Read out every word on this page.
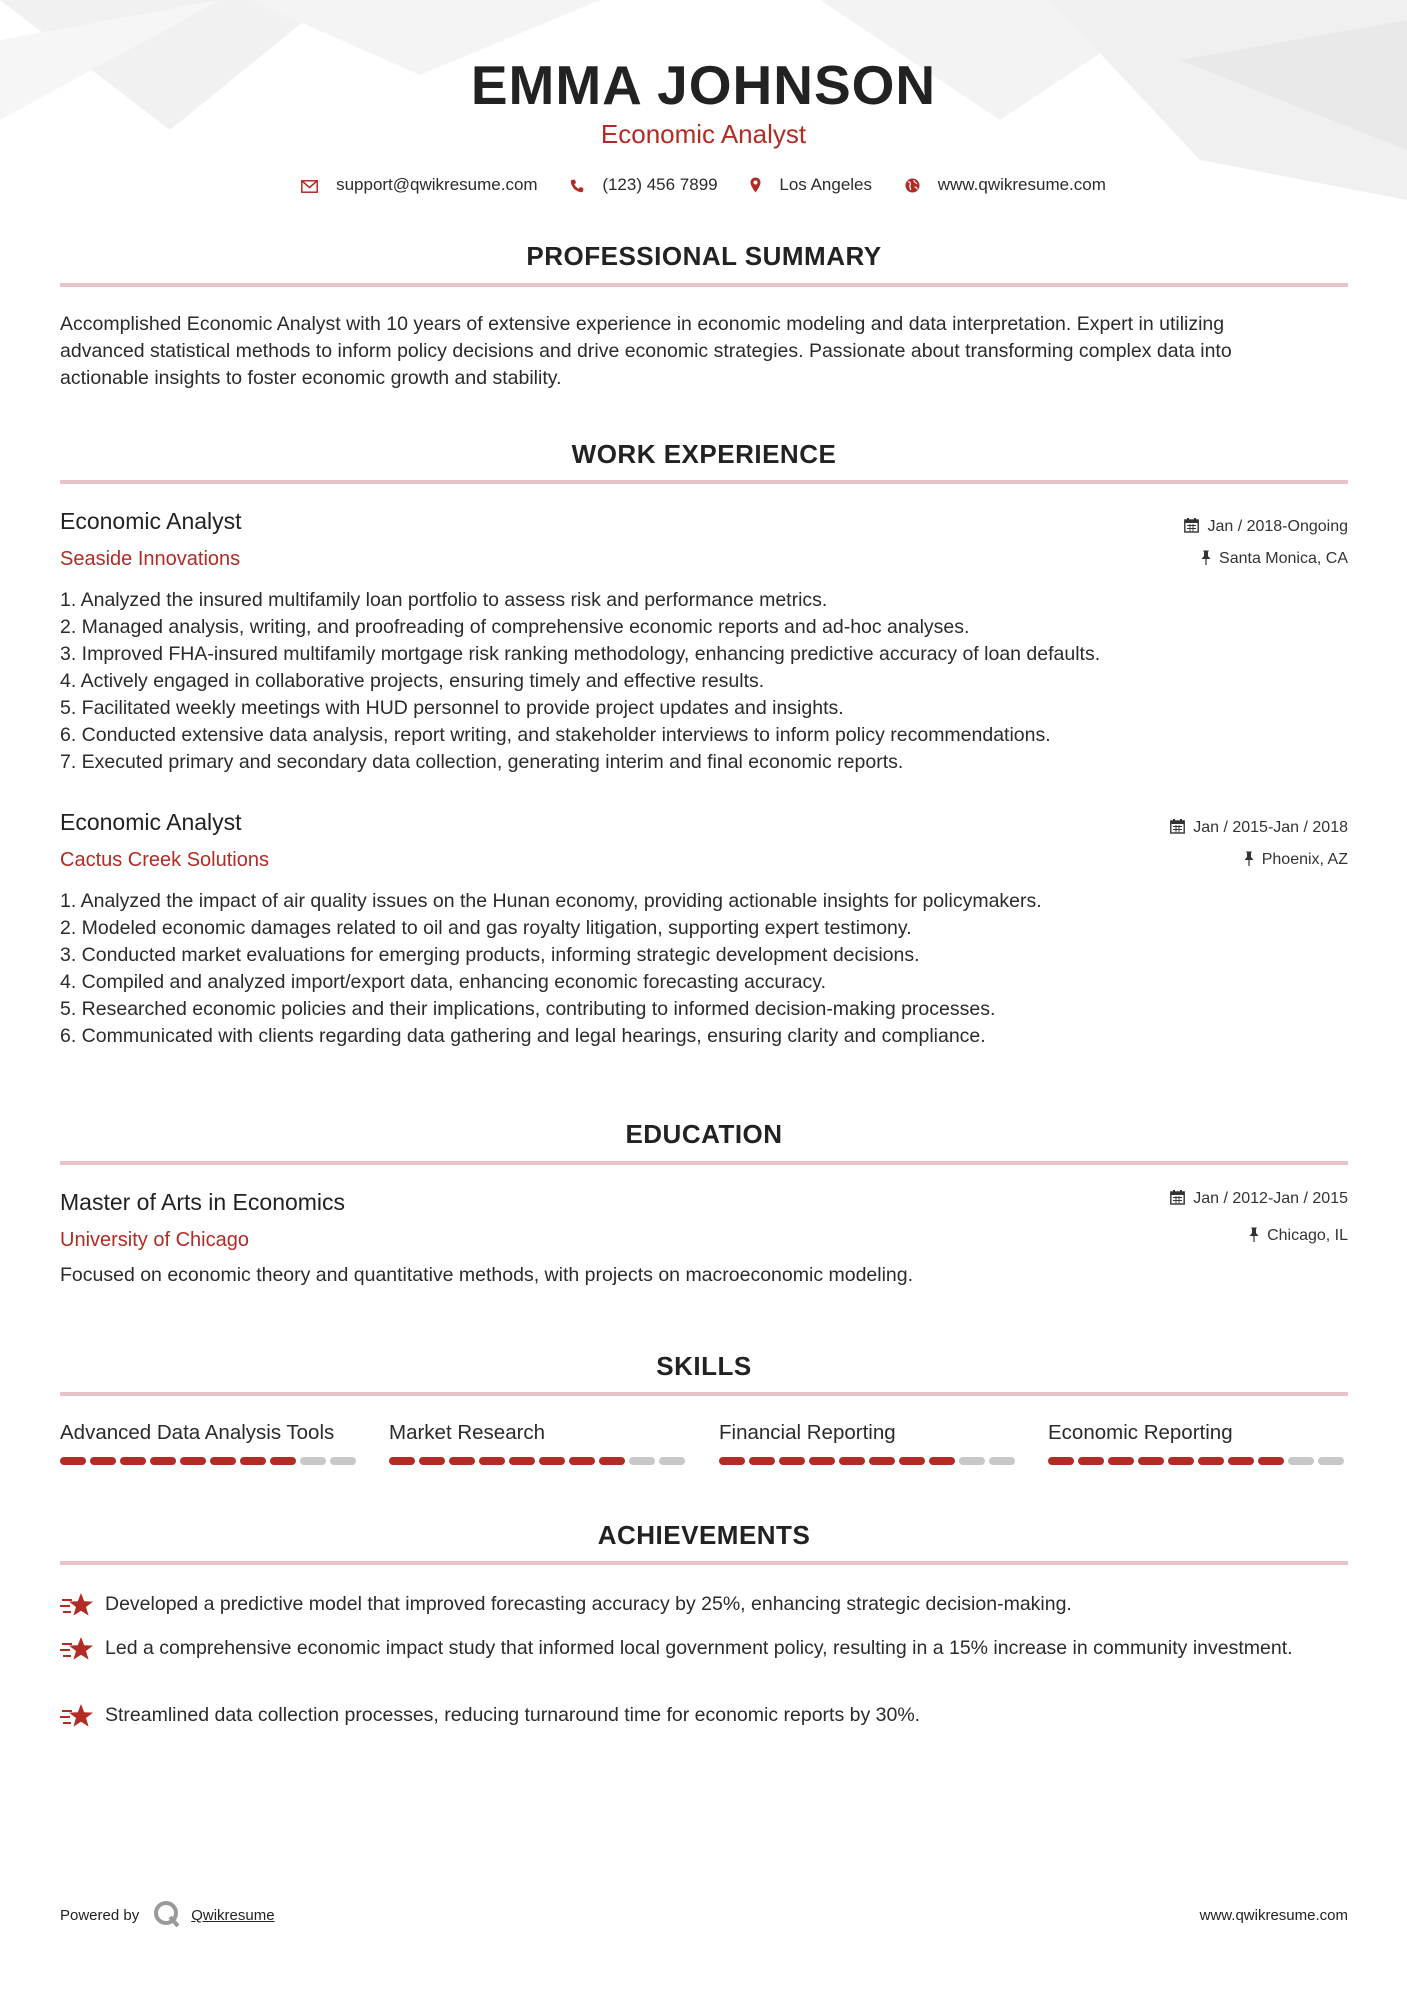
EMMA JOHNSON
Economic Analyst
support@qwikresume.com	(123) 456 7899	Los Angeles	www.qwikresume.com
PROFESSIONAL SUMMARY

Accomplished Economic Analyst with 10 years of extensive experience in economic modeling and data interpretation. Expert in utilizing advanced statistical methods to inform policy decisions and drive economic strategies. Passionate about transforming complex data into actionable insights to foster economic growth and stability.

WORK EXPERIENCE
Economic Analyst
Seaside Innovations
Jan / 2018-Ongoing
Santa Monica, CA
1. Analyzed the insured multifamily loan portfolio to assess risk and performance metrics.
2. Managed analysis, writing, and proofreading of comprehensive economic reports and ad-hoc analyses.
3. Improved FHA-insured multifamily mortgage risk ranking methodology, enhancing predictive accuracy of loan defaults.
4. Actively engaged in collaborative projects, ensuring timely and effective results.
5. Facilitated weekly meetings with HUD personnel to provide project updates and insights.
6. Conducted extensive data analysis, report writing, and stakeholder interviews to inform policy recommendations.
7. Executed primary and secondary data collection, generating interim and final economic reports.
Economic Analyst
Cactus Creek Solutions
Jan / 2015-Jan / 2018
Phoenix, AZ
1. Analyzed the impact of air quality issues on the Hunan economy, providing actionable insights for policymakers.
2. Modeled economic damages related to oil and gas royalty litigation, supporting expert testimony.
3. Conducted market evaluations for emerging products, informing strategic development decisions.
4. Compiled and analyzed import/export data, enhancing economic forecasting accuracy.
5. Researched economic policies and their implications, contributing to informed decision-making processes.
6. Communicated with clients regarding data gathering and legal hearings, ensuring clarity and compliance.
EDUCATION
Master of Arts in Economics
University of Chicago
Jan / 2012-Jan / 2015
Chicago, IL

Focused on economic theory and quantitative methods, with projects on macroeconomic modeling.

SKILLS
Advanced Data Analysis Tools	Market Research	Financial Reporting	Economic Reporting
ACHIEVEMENTS
Developed a predictive model that improved forecasting accuracy by 25%, enhancing strategic decision-making.
Led a comprehensive economic impact study that informed local government policy, resulting in a 15% increase in community investment.
Streamlined data collection processes, reducing turnaround time for economic reports by 30%.
Powered by	Qwikresume	www.qwikresume.com
